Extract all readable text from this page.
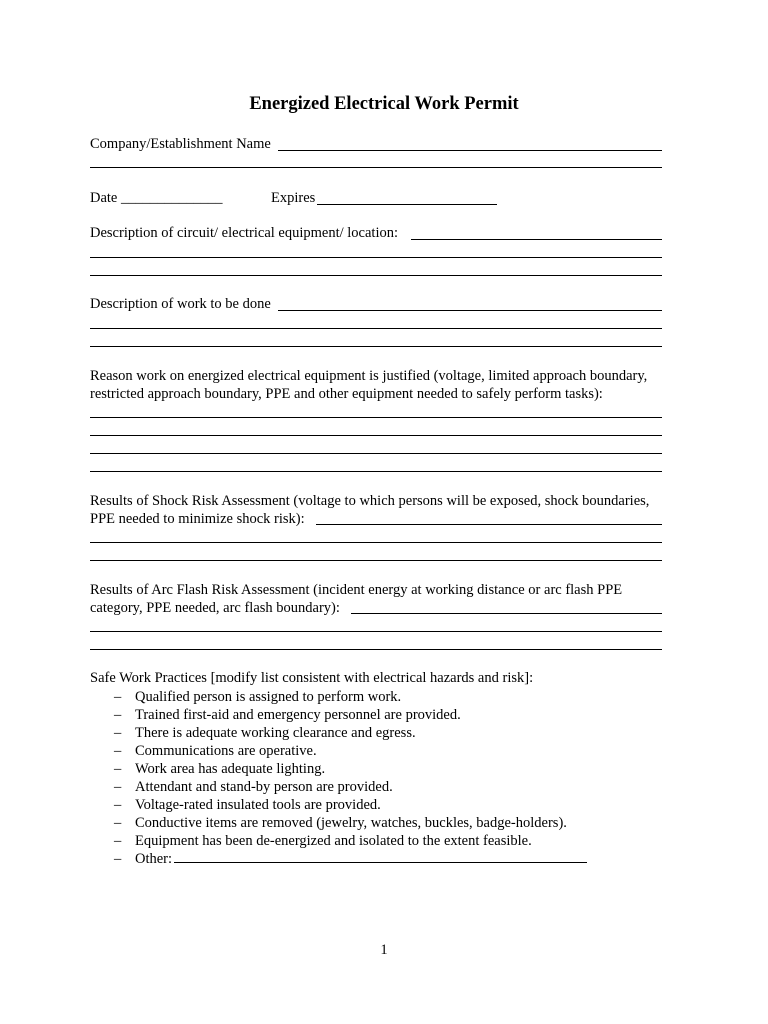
Energized Electrical Work Permit
Company/Establishment Name
Date ______________	Expires
Description of circuit/ electrical equipment/ location:
Description of work to be done
Reason work on energized electrical equipment is justified (voltage, limited approach boundary,
restricted approach boundary, PPE and other equipment needed to safely perform tasks):
Results of Shock Risk Assessment (voltage to which persons will be exposed, shock boundaries,
PPE needed to minimize shock risk):
Results of Arc Flash Risk Assessment (incident energy at working distance or arc flash PPE
category, PPE needed, arc flash boundary):
Safe Work Practices [modify list consistent with electrical hazards and risk]:
– Qualified person is assigned to perform work.
– Trained first-aid and emergency personnel are provided.
– There is adequate working clearance and egress.
– Communications are operative.
– Work area has adequate lighting.
– Attendant and stand-by person are provided.
– Voltage-rated insulated tools are provided.
– Conductive items are removed (jewelry, watches, buckles, badge-holders).
– Equipment has been de-energized and isolated to the extent feasible.
– Other:
1
